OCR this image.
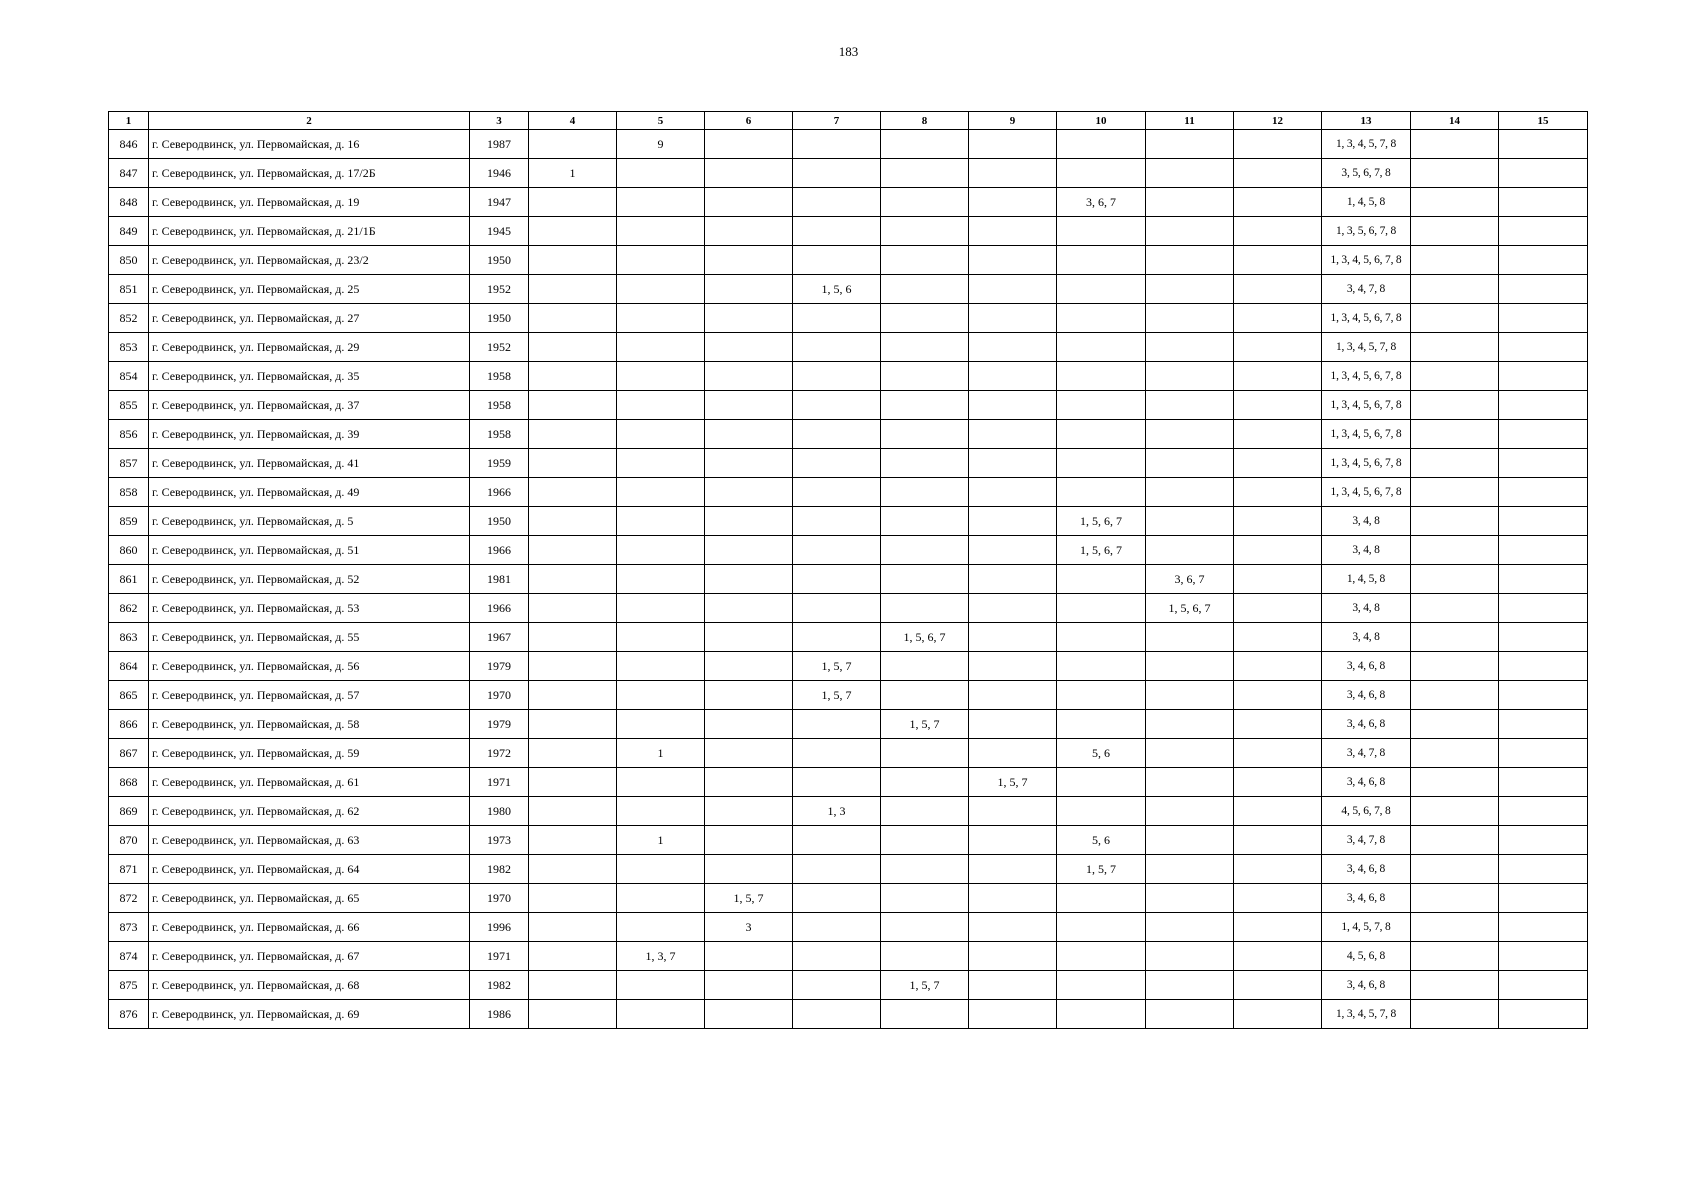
183
1	2	3	4	5	6	7	8	9	10	11	12	13	14	15
846	г. Северодвинск, ул. Первомайская, д. 16	1987		9								1, 3, 4, 5, 7, 8		
847	г. Северодвинск, ул. Первомайская, д. 17/2Б	1946	1									3, 5, 6, 7, 8		
848	г. Северодвинск, ул. Первомайская, д. 19	1947							3, 6, 7			1, 4, 5, 8		
849	г. Северодвинск, ул. Первомайская, д. 21/1Б	1945										1, 3, 5, 6, 7, 8		
850	г. Северодвинск, ул. Первомайская, д. 23/2	1950										1, 3, 4, 5, 6, 7, 8		
851	г. Северодвинск, ул. Первомайская, д. 25	1952				1, 5, 6						3, 4, 7, 8		
852	г. Северодвинск, ул. Первомайская, д. 27	1950										1, 3, 4, 5, 6, 7, 8		
853	г. Северодвинск, ул. Первомайская, д. 29	1952										1, 3, 4, 5, 7, 8		
854	г. Северодвинск, ул. Первомайская, д. 35	1958										1, 3, 4, 5, 6, 7, 8		
855	г. Северодвинск, ул. Первомайская, д. 37	1958										1, 3, 4, 5, 6, 7, 8		
856	г. Северодвинск, ул. Первомайская, д. 39	1958										1, 3, 4, 5, 6, 7, 8		
857	г. Северодвинск, ул. Первомайская, д. 41	1959										1, 3, 4, 5, 6, 7, 8		
858	г. Северодвинск, ул. Первомайская, д. 49	1966										1, 3, 4, 5, 6, 7, 8		
859	г. Северодвинск, ул. Первомайская, д. 5	1950							1, 5, 6, 7			3, 4, 8		
860	г. Северодвинск, ул. Первомайская, д. 51	1966							1, 5, 6, 7			3, 4, 8		
861	г. Северодвинск, ул. Первомайская, д. 52	1981								3, 6, 7		1, 4, 5, 8		
862	г. Северодвинск, ул. Первомайская, д. 53	1966								1, 5, 6, 7		3, 4, 8		
863	г. Северодвинск, ул. Первомайская, д. 55	1967					1, 5, 6, 7					3, 4, 8		
864	г. Северодвинск, ул. Первомайская, д. 56	1979				1, 5, 7						3, 4, 6, 8		
865	г. Северодвинск, ул. Первомайская, д. 57	1970				1, 5, 7						3, 4, 6, 8		
866	г. Северодвинск, ул. Первомайская, д. 58	1979					1, 5, 7					3, 4, 6, 8		
867	г. Северодвинск, ул. Первомайская, д. 59	1972		1					5, 6			3, 4, 7, 8		
868	г. Северодвинск, ул. Первомайская, д. 61	1971						1, 5, 7				3, 4, 6, 8		
869	г. Северодвинск, ул. Первомайская, д. 62	1980				1, 3						4, 5, 6, 7, 8		
870	г. Северодвинск, ул. Первомайская, д. 63	1973		1					5, 6			3, 4, 7, 8		
871	г. Северодвинск, ул. Первомайская, д. 64	1982							1, 5, 7			3, 4, 6, 8		
872	г. Северодвинск, ул. Первомайская, д. 65	1970			1, 5, 7							3, 4, 6, 8		
873	г. Северодвинск, ул. Первомайская, д. 66	1996			3							1, 4, 5, 7, 8		
874	г. Северодвинск, ул. Первомайская, д. 67	1971		1, 3, 7								4, 5, 6, 8		
875	г. Северодвинск, ул. Первомайская, д. 68	1982					1, 5, 7					3, 4, 6, 8		
876	г. Северодвинск, ул. Первомайская, д. 69	1986										1, 3, 4, 5, 7, 8		
